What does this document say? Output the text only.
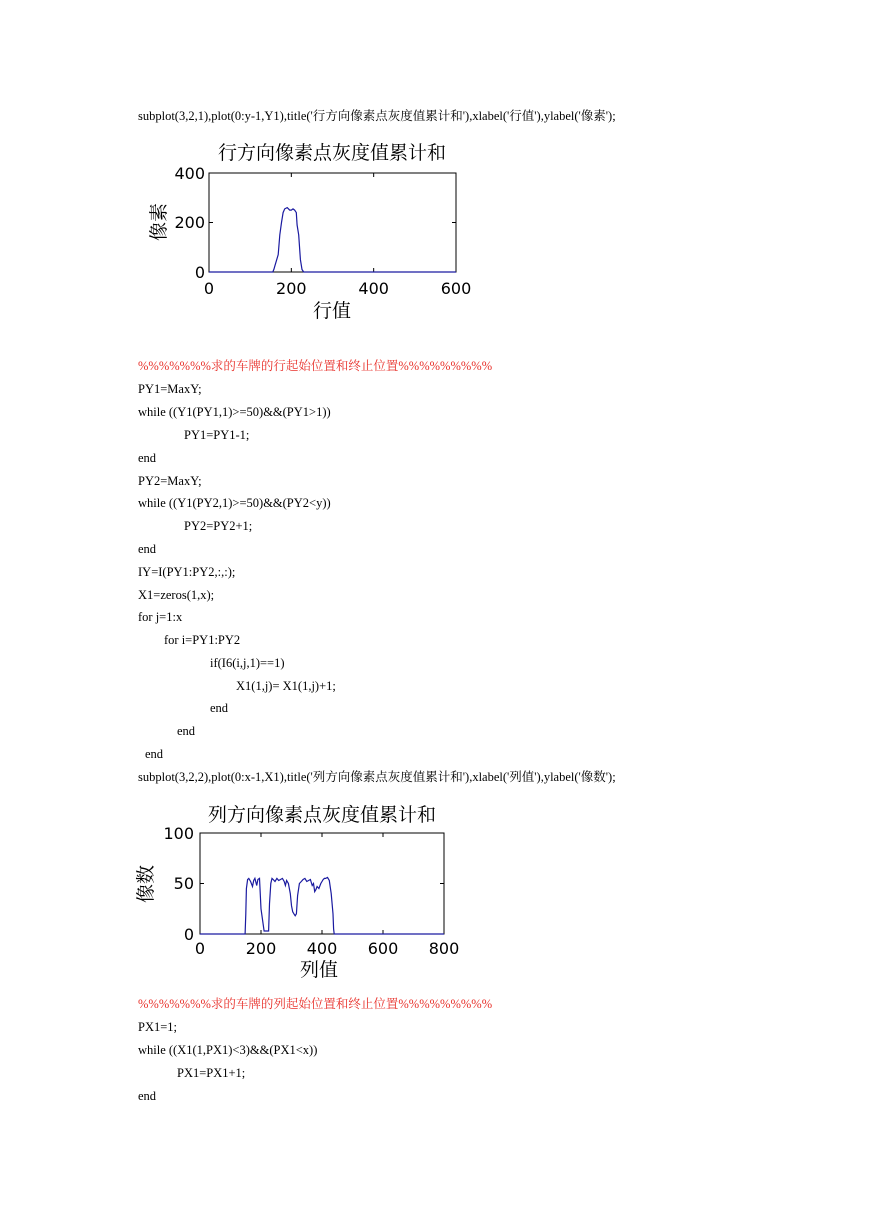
subplot(3,2,1),plot(0:y-1,Y1),title('行方向像素点灰度值累计和'),xlabel('行值'),ylabel('像素');
行方向像素点灰度值累计和
行值
像素
0	200	400	600
0
200
400
%%%%%%%求的车牌的行起始位置和终止位置%%%%%%%%%
PY1=MaxY;
while ((Y1(PY1,1)>=50)&&(PY1>1))
PY1=PY1-1;
end
PY2=MaxY;
while ((Y1(PY2,1)>=50)&&(PY2<y))
PY2=PY2+1;
end
IY=I(PY1:PY2,:,:);
X1=zeros(1,x);
for j=1:x
for i=PY1:PY2
if(I6(i,j,1)==1)
X1(1,j)= X1(1,j)+1;
end
end
end
subplot(3,2,2),plot(0:x-1,X1),title('列方向像素点灰度值累计和'),xlabel('列值'),ylabel('像数');
列方向像素点灰度值累计和
列值
像数
0	200 400 600 800
0
50
100
%%%%%%%求的车牌的列起始位置和终止位置%%%%%%%%%
PX1=1;
while ((X1(1,PX1)<3)&&(PX1<x))
PX1=PX1+1;
end
